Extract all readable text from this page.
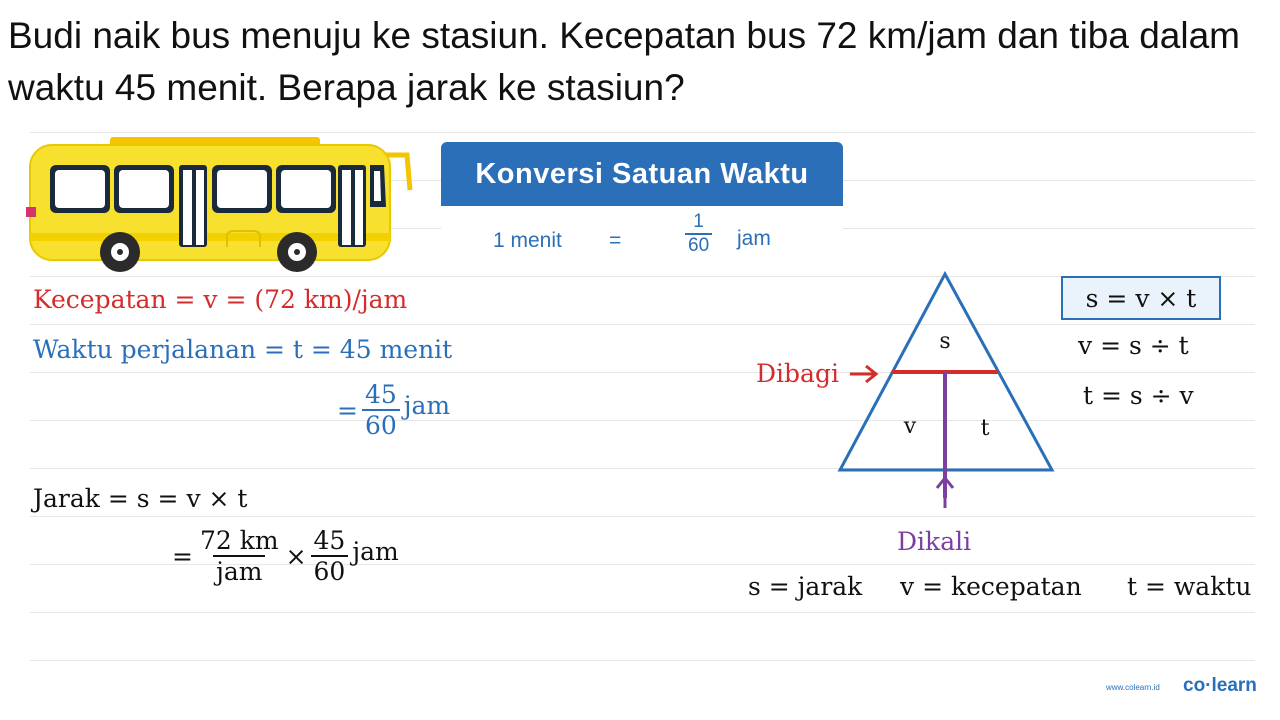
Budi naik bus menuju ke stasiun. Kecepatan bus 72 km/jam dan tiba dalam waktu 45 menit. Berapa jarak ke stasiun?
Konversi Satuan Waktu
1 menit =	$\frac{1}{60}$ jam
Kecepatan = v = (72 km)/jam
Waktu perjalanan = t = 45 menit
= $\frac{45}{60}$ jam
Jarak = s = v × t
= $\frac{72 km}{\text{jam}} \times \frac{45}{60}$ jam
s
v	t
Dibagi
Dikali
s = v × t
v = s ÷ t
t = s ÷ v
s = jarak v = kecepatan t = waktu
www.colearn.id co·learn
